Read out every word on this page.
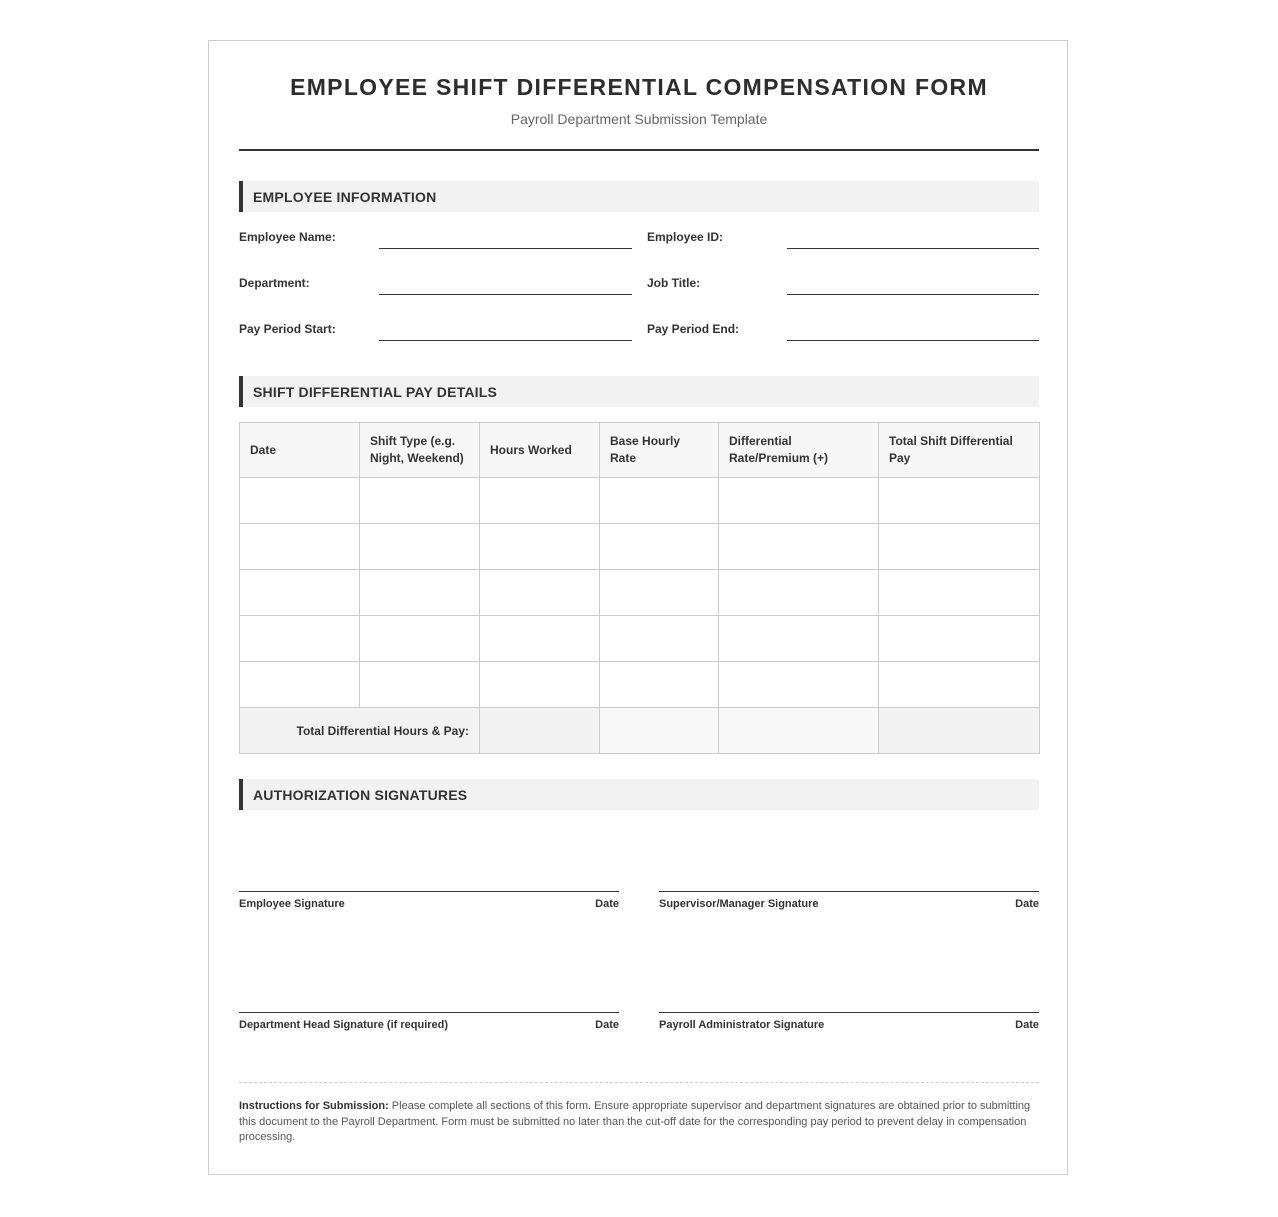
EMPLOYEE SHIFT DIFFERENTIAL COMPENSATION FORM
Payroll Department Submission Template
EMPLOYEE INFORMATION
Employee Name:	Employee ID:
Department:	Job Title:
Pay Period Start:	Pay Period End:
SHIFT DIFFERENTIAL PAY DETAILS
Date	Shift Type (e.g. Night, Weekend)	Hours Worked	Base Hourly Rate	Differential Rate/Premium (+)	Total Shift Differential Pay

Total Differential Hours & Pay:					
AUTHORIZATION SIGNATURES
Employee Signature	Date	Supervisor/Manager Signature	Date
Department Head Signature (if required)	Date	Payroll Administrator Signature	Date
Instructions for Submission: Please complete all sections of this form. Ensure appropriate supervisor and department signatures are obtained prior to submitting this document to the Payroll Department. Form must be submitted no later than the cut-off date for the corresponding pay period to prevent delay in compensation processing.
